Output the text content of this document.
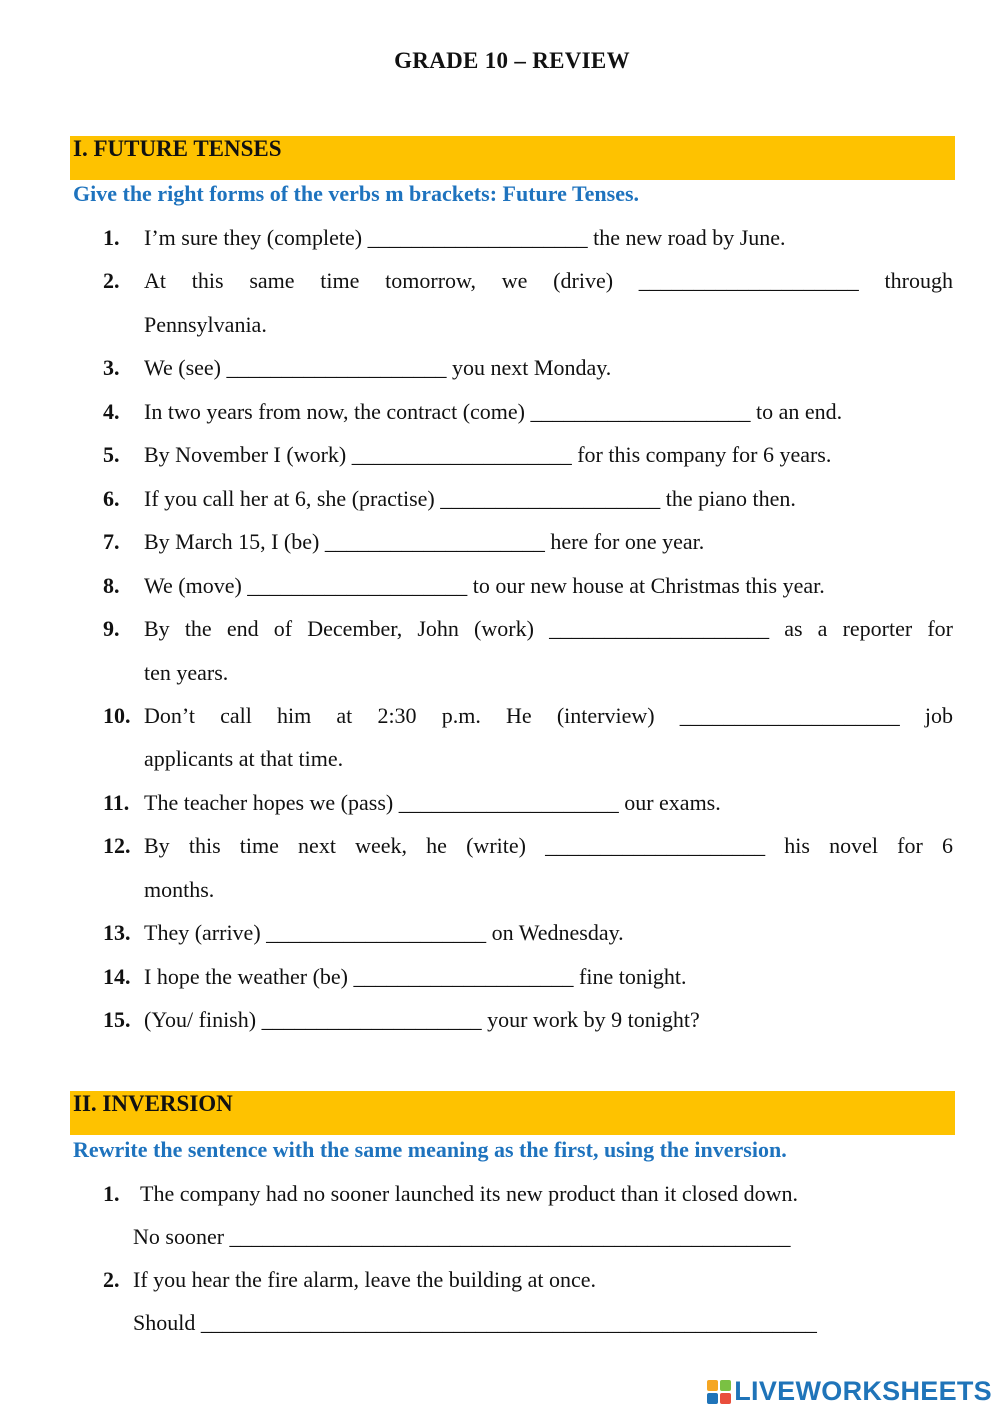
GRADE 10 – REVIEW
I. FUTURE TENSES
Give the right forms of the verbs m brackets: Future Tenses.
1. I’m sure they (complete) ____________________ the new road by June.
2. At this same time tomorrow, we (drive) ____________________ through
Pennsylvania.
3. We (see) ____________________ you next Monday.
4. In two years from now, the contract (come) ____________________ to an end.
5. By November I (work) ____________________ for this company for 6 years.
6. If you call her at 6, she (practise) ____________________ the piano then.
7. By March 15, I (be) ____________________ here for one year.
8. We (move) ____________________ to our new house at Christmas this year.
9. By the end of December, John (work) ____________________ as a reporter for
ten years.
10. Don’t call him at 2:30 p.m. He (interview) ____________________ job
applicants at that time.
11. The teacher hopes we (pass) ____________________ our exams.
12. By this time next week, he (write) ____________________ his novel for 6
months.
13. They (arrive) ____________________ on Wednesday.
14. I hope the weather (be) ____________________ fine tonight.
15. (You/ finish) ____________________ your work by 9 tonight?
II. INVERSION
Rewrite the sentence with the same meaning as the first, using the inversion.
1. The company had no sooner launched its new product than it closed down.
No sooner ___________________________________________________
2. If you hear the fire alarm, leave the building at once.
Should ________________________________________________________
LIVEWORKSHEETS
